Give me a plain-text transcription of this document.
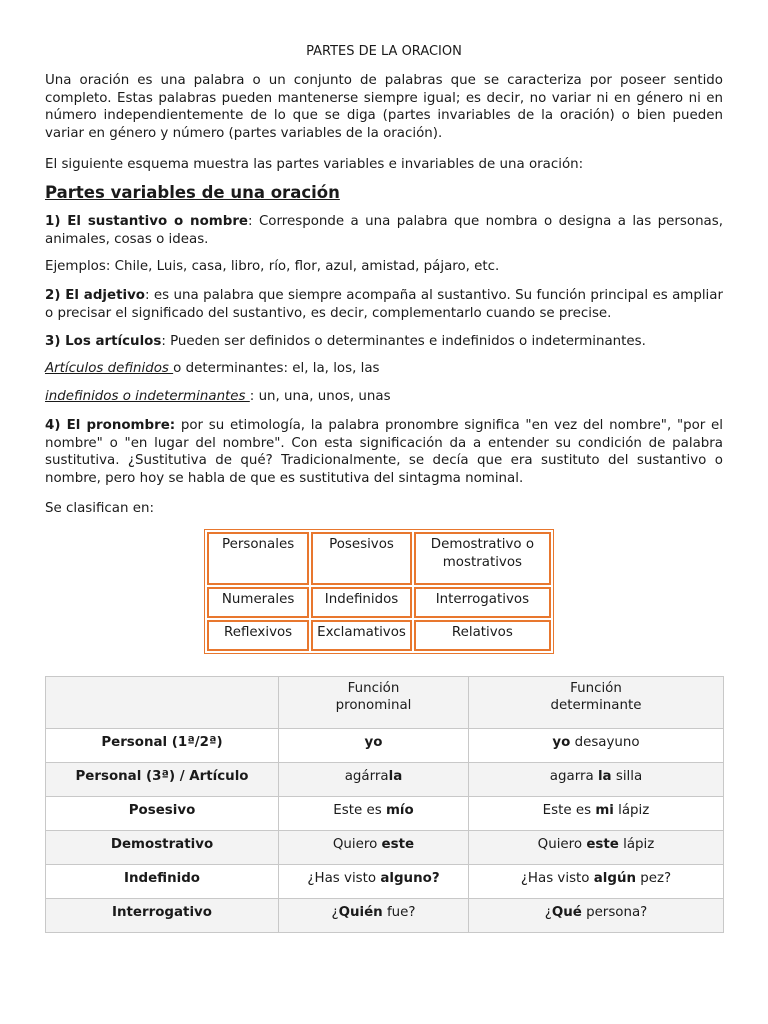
PARTES DE LA ORACION

Una oración es una palabra o un conjunto de palabras que se caracteriza por poseer sentido completo. Estas palabras pueden mantenerse siempre igual; es decir, no variar ni en género ni en número independientemente de lo que se diga (partes invariables de la oración) o bien pueden variar en género y número (partes variables de la oración).

El siguiente esquema muestra las partes variables e invariables de una oración:

Partes variables de una oración

1) El sustantivo o nombre: Corresponde a una palabra que nombra o designa a las personas, animales, cosas o ideas.

Ejemplos: Chile, Luis, casa, libro, río, flor, azul, amistad, pájaro, etc.

2) El adjetivo: es una palabra que siempre acompaña al sustantivo. Su función principal es ampliar o precisar el significado del sustantivo, es decir, complementarlo cuando se precise.

3) Los artículos: Pueden ser definidos o determinantes e indefinidos o indeterminantes.

Artículos definidos o determinantes: el, la, los, las

indefinidos o indeterminantes : un, una, unos, unas

4) El pronombre: por su etimología, la palabra pronombre significa "en vez del nombre", "por el nombre" o "en lugar del nombre". Con esta significación da a entender su condición de palabra sustitutiva. ¿Sustitutiva de qué? Tradicionalmente, se decía que era sustituto del sustantivo o nombre, pero hoy se habla de que es sustitutiva del sintagma nominal.

Se clasifican en:

Personales	Posesivos	Demostrativo o mostrativos
Numerales	Indefinidos	Interrogativos
Reflexivos	Exclamativos	Relativos
	Función pronominal	Función determinante
Personal (1ª/2ª)	yo	yo desayuno
Personal (3ª) / Artículo	agárrala	agarra la silla
Posesivo	Este es mío	Este es mi lápiz
Demostrativo	Quiero este	Quiero este lápiz
Indefinido	¿Has visto alguno?	¿Has visto algún pez?
Interrogativo	¿Quién fue?	¿Qué persona?
